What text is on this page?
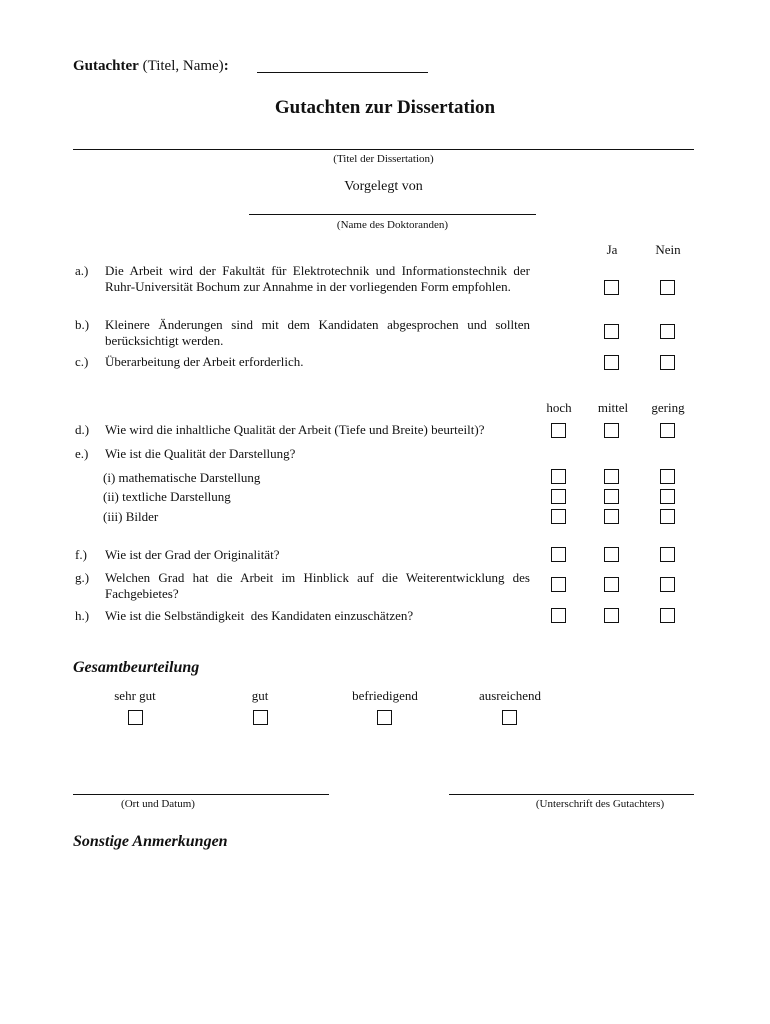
Gutachter (Titel, Name):
Gutachten zur Dissertation
(Titel der Dissertation)
Vorgelegt von
(Name des Doktoranden)
Ja	Nein
a.) Die Arbeit wird der Fakultät für Elektrotechnik und Informationstechnik der Ruhr-Universität Bochum zur Annahme in der vorliegenden Form empfohlen.
b.) Kleinere Änderungen sind mit dem Kandidaten abgesprochen und sollten berücksichtigt werden.
c.) Überarbeitung der Arbeit erforderlich.
hoch	mittel	gering
d.) Wie wird die inhaltliche Qualität der Arbeit (Tiefe und Breite) beurteilt)?
e.) Wie ist die Qualität der Darstellung?
(i) mathematische Darstellung
(ii) textliche Darstellung
(iii) Bilder
f.) Wie ist der Grad der Originalität?
g.) Welchen Grad hat die Arbeit im Hinblick auf die Weiterentwicklung des Fachgebietes?
h.) Wie ist die Selbständigkeit  des Kandidaten einzuschätzen?
Gesamtbeurteilung
sehr gut	gut	befriedigend	ausreichend
(Ort und Datum)	(Unterschrift des Gutachters)
Sonstige Anmerkungen
